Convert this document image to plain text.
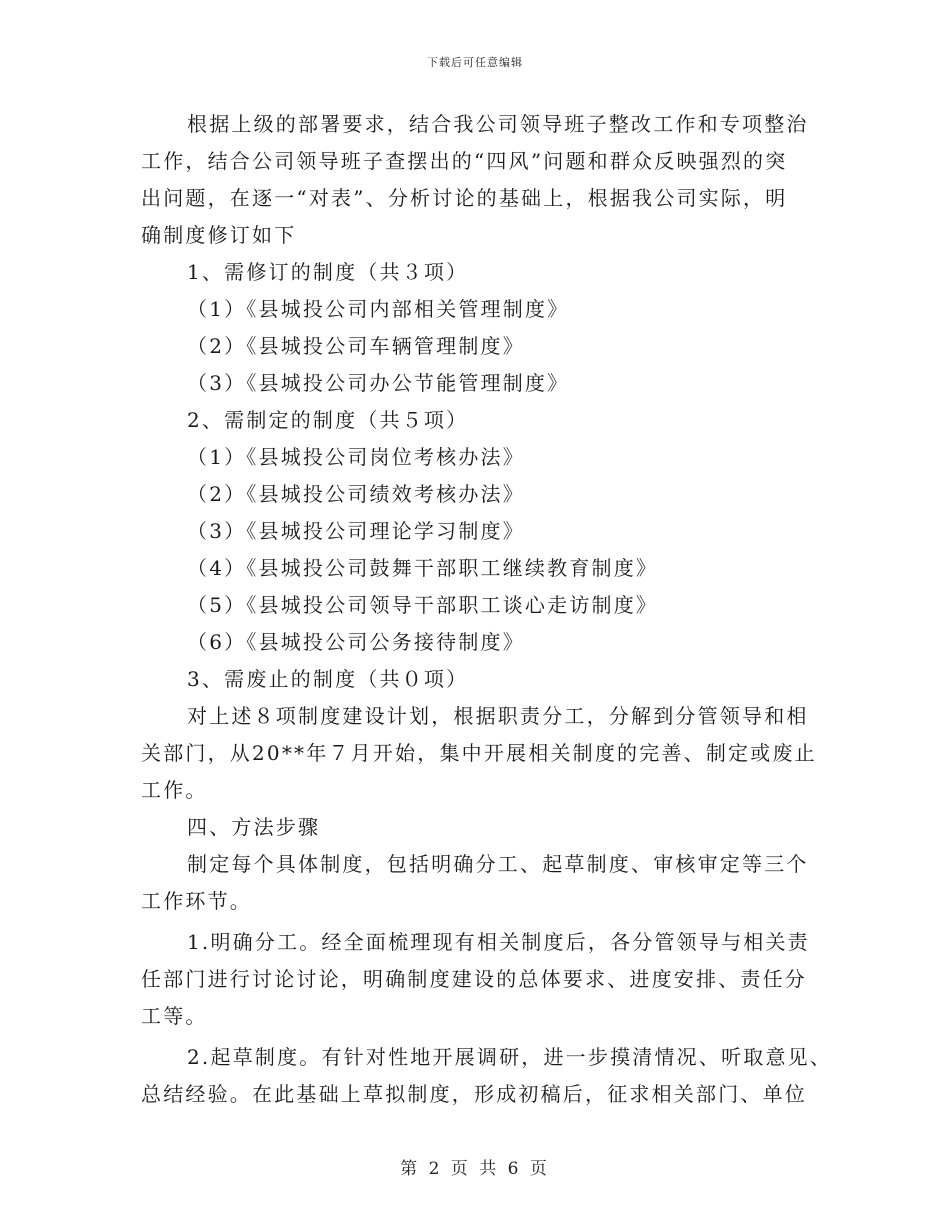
下载后可任意编辑
根据上级的部署要求，结合我公司领导班子整改工作和专项整治
工作，结合公司领导班子查摆出的“四风”问题和群众反映强烈的突
出问题，在逐一“对表”、分析讨论的基础上，根据我公司实际，明
确制度修订如下
1、需修订的制度（共３项）
（1）《县城投公司内部相关管理制度》
（2）《县城投公司车辆管理制度》
（3）《县城投公司办公节能管理制度》
2、需制定的制度（共５项）
（1）《县城投公司岗位考核办法》
（2）《县城投公司绩效考核办法》
（3）《县城投公司理论学习制度》
（4）《县城投公司鼓舞干部职工继续教育制度》
（5）《县城投公司领导干部职工谈心走访制度》
（6）《县城投公司公务接待制度》
3、需废止的制度（共０项）
对上述８项制度建设计划，根据职责分工，分解到分管领导和相
关部门，从20**年７月开始，集中开展相关制度的完善、制定或废止
工作。
四、方法步骤
制定每个具体制度，包括明确分工、起草制度、审核审定等三个
工作环节。
1.明确分工。经全面梳理现有相关制度后，各分管领导与相关责
任部门进行讨论讨论，明确制度建设的总体要求、进度安排、责任分
工等。
2.起草制度。有针对性地开展调研，进一步摸清情况、听取意见、
总结经验。在此基础上草拟制度，形成初稿后，征求相关部门、单位
第 2 页 共 6 页
